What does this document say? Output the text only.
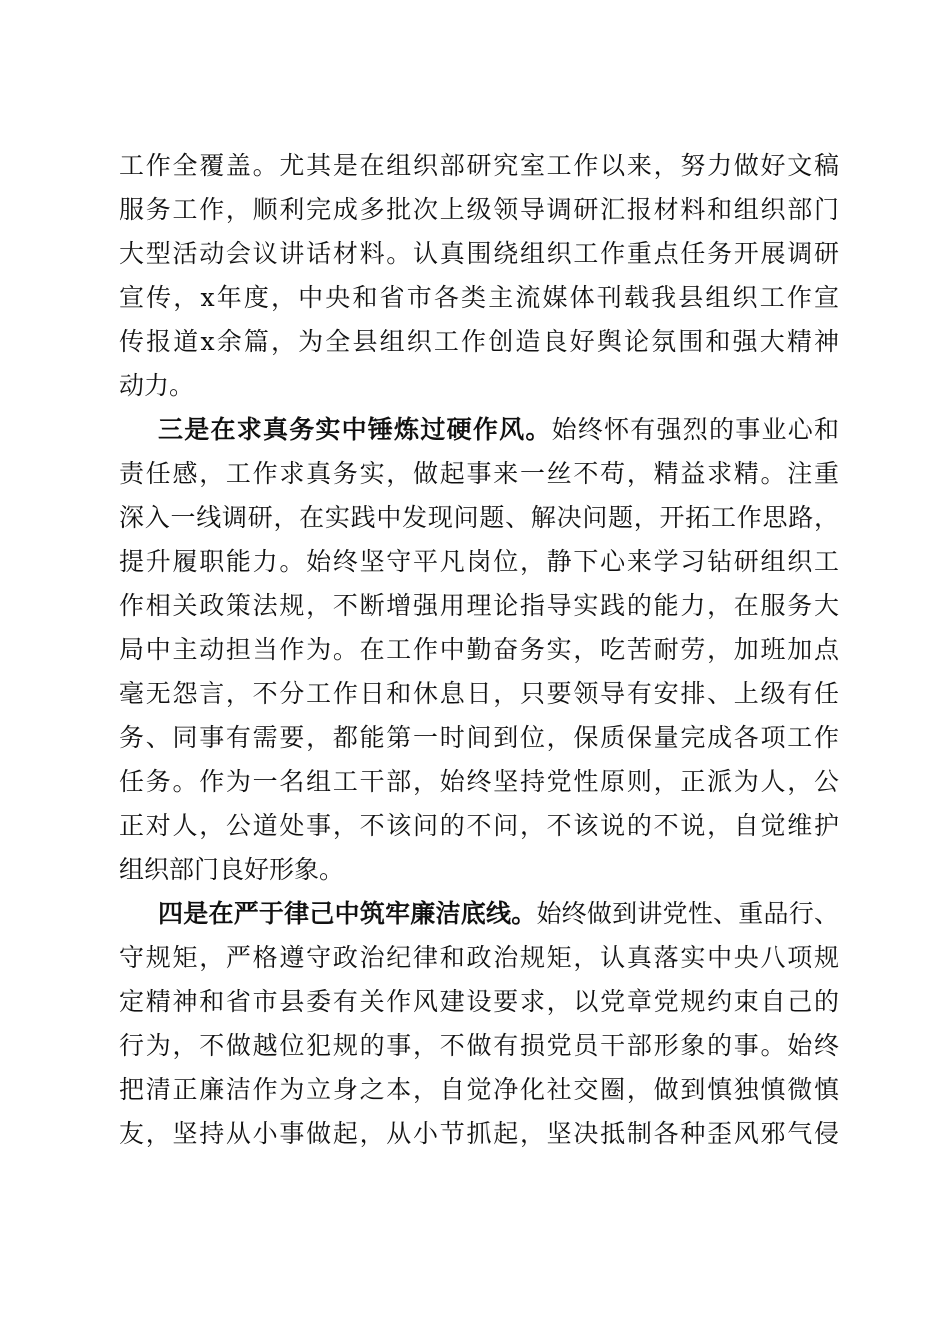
工作全覆盖。尤其是在组织部研究室工作以来，努力做好文稿
服务工作，顺利完成多批次上级领导调研汇报材料和组织部门
大型活动会议讲话材料。认真围绕组织工作重点任务开展调研
宣传，x年度，中央和省市各类主流媒体刊载我县组织工作宣
传报道x余篇，为全县组织工作创造良好舆论氛围和强大精神
动力。
三是在求真务实中锤炼过硬作风。始终怀有强烈的事业心和
责任感，工作求真务实，做起事来一丝不苟，精益求精。注重
深入一线调研，在实践中发现问题、解决问题，开拓工作思路，
提升履职能力。始终坚守平凡岗位，静下心来学习钻研组织工
作相关政策法规，不断增强用理论指导实践的能力，在服务大
局中主动担当作为。在工作中勤奋务实，吃苦耐劳，加班加点
毫无怨言，不分工作日和休息日，只要领导有安排、上级有任
务、同事有需要，都能第一时间到位，保质保量完成各项工作
任务。作为一名组工干部，始终坚持党性原则，正派为人，公
正对人，公道处事，不该问的不问，不该说的不说，自觉维护
组织部门良好形象。
四是在严于律己中筑牢廉洁底线。始终做到讲党性、重品行、
守规矩，严格遵守政治纪律和政治规矩，认真落实中央八项规
定精神和省市县委有关作风建设要求，以党章党规约束自己的
行为，不做越位犯规的事，不做有损党员干部形象的事。始终
把清正廉洁作为立身之本，自觉净化社交圈，做到慎独慎微慎
友，坚持从小事做起，从小节抓起，坚决抵制各种歪风邪气侵
